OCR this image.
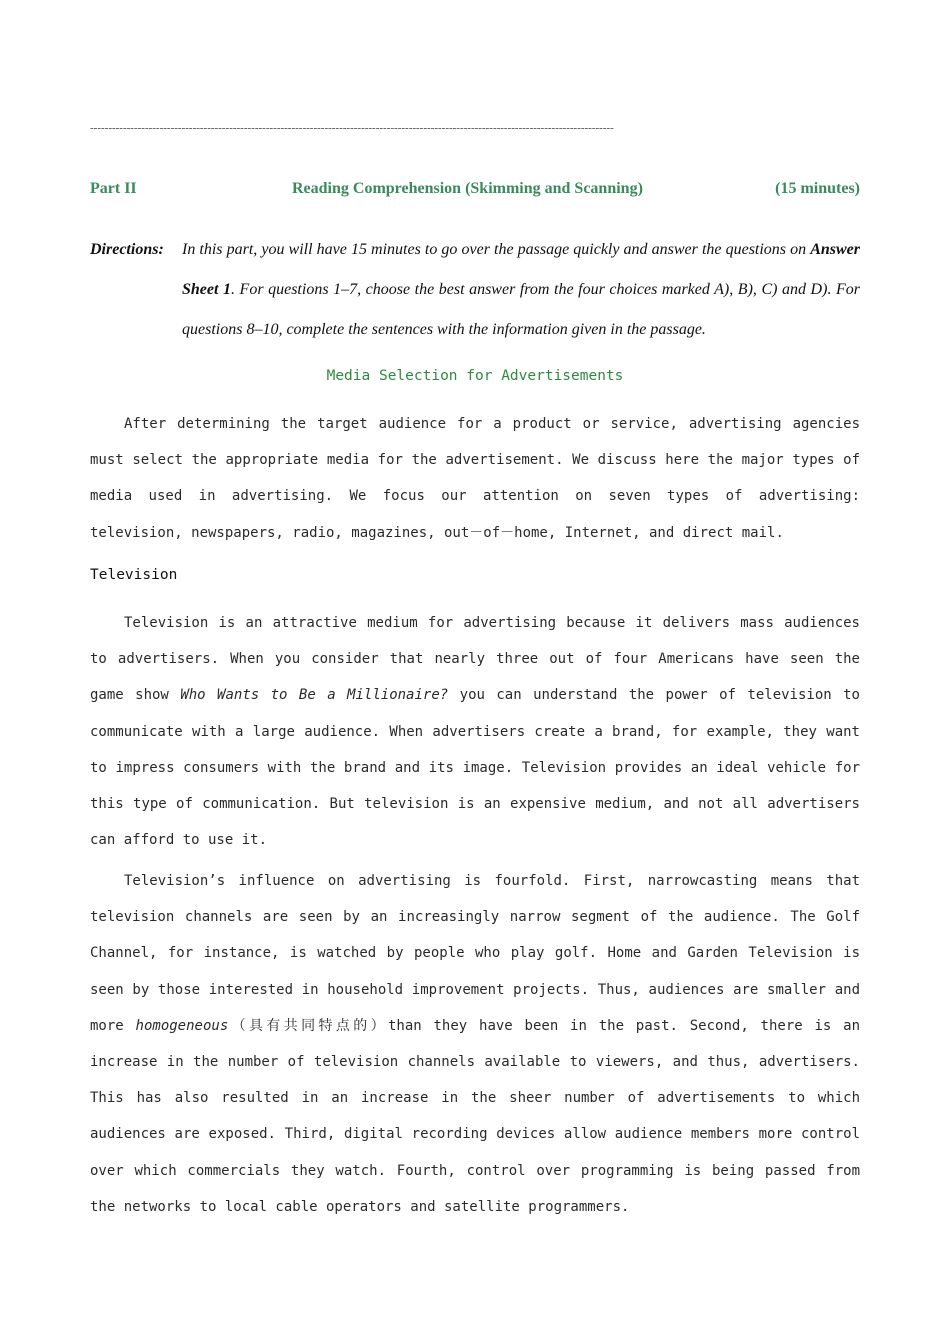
-----------------------------------------------------------------------------------------------------------------------------------------------
Part II	Reading Comprehension (Skimming and Scanning)	(15 minutes)
Directions: In this part, you will have 15 minutes to go over the passage quickly and answer the questions on Answer Sheet 1. For questions 1–7, choose the best answer from the four choices marked A), B), C) and D). For questions 8–10, complete the sentences with the information given in the passage.
Media Selection for Advertisements

After determining the target audience for a product or service, advertising agencies must select the appropriate media for the advertisement. We discuss here the major types of media used in advertising. We focus our attention on seven types of advertising: television, newspapers, radio, magazines, out－of－home, Internet, and direct mail.

Television

Television is an attractive medium for advertising because it delivers mass audiences to advertisers. When you consider that nearly three out of four Americans have seen the game show Who Wants to Be a Millionaire? you can understand the power of television to communicate with a large audience. When advertisers create a brand, for example, they want to impress consumers with the brand and its image. Television provides an ideal vehicle for this type of communication. But television is an expensive medium, and not all advertisers can afford to use it.

Television’s influence on advertising is fourfold. First, narrowcasting means that television channels are seen by an increasingly narrow segment of the audience. The Golf Channel, for instance, is watched by people who play golf. Home and Garden Television is seen by those interested in household improvement projects. Thus, audiences are smaller and more homogeneous（具有共同特点的）than they have been in the past. Second, there is an increase in the number of television channels available to viewers, and thus, advertisers. This has also resulted in an increase in the sheer number of advertisements to which audiences are exposed. Third, digital recording devices allow audience members more control over which commercials they watch. Fourth, control over programming is being passed from the networks to local cable operators and satellite programmers.
